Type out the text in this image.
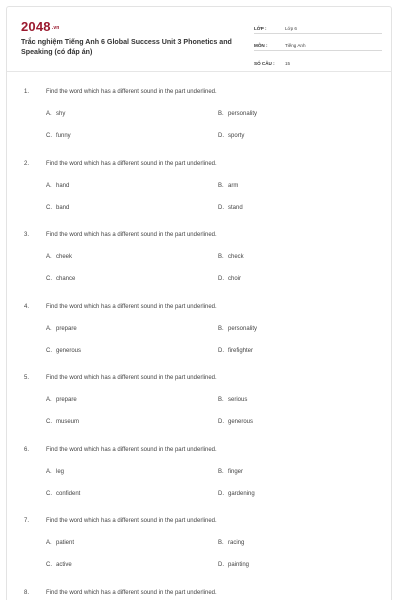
2048.vn
Trắc nghiệm Tiếng Anh 6 Global Success Unit 3 Phonetics and Speaking (có đáp án)
LỚP :	Lớp 6
MÔN :	Tiếng Anh
SỐ CÂU :	15
1.	Find the word which has a different sound in the part underlined.
A. shy	B. personality
C. funny	D. sporty
2.	Find the word which has a different sound in the part underlined.
A. hand	B. arm
C. band	D. stand
3.	Find the word which has a different sound in the part underlined.
A. cheek	B. check
C. chance	D. choir
4.	Find the word which has a different sound in the part underlined.
A. prepare	B. personality
C. generous	D. firefighter
5.	Find the word which has a different sound in the part underlined.
A. prepare	B. serious
C. museum	D. generous
6.	Find the word which has a different sound in the part underlined.
A. leg	B. finger
C. confident	D. gardening
7.	Find the word which has a different sound in the part underlined.
A. patient	B. racing
C. active	D. painting
8.	Find the word which has a different sound in the part underlined.
